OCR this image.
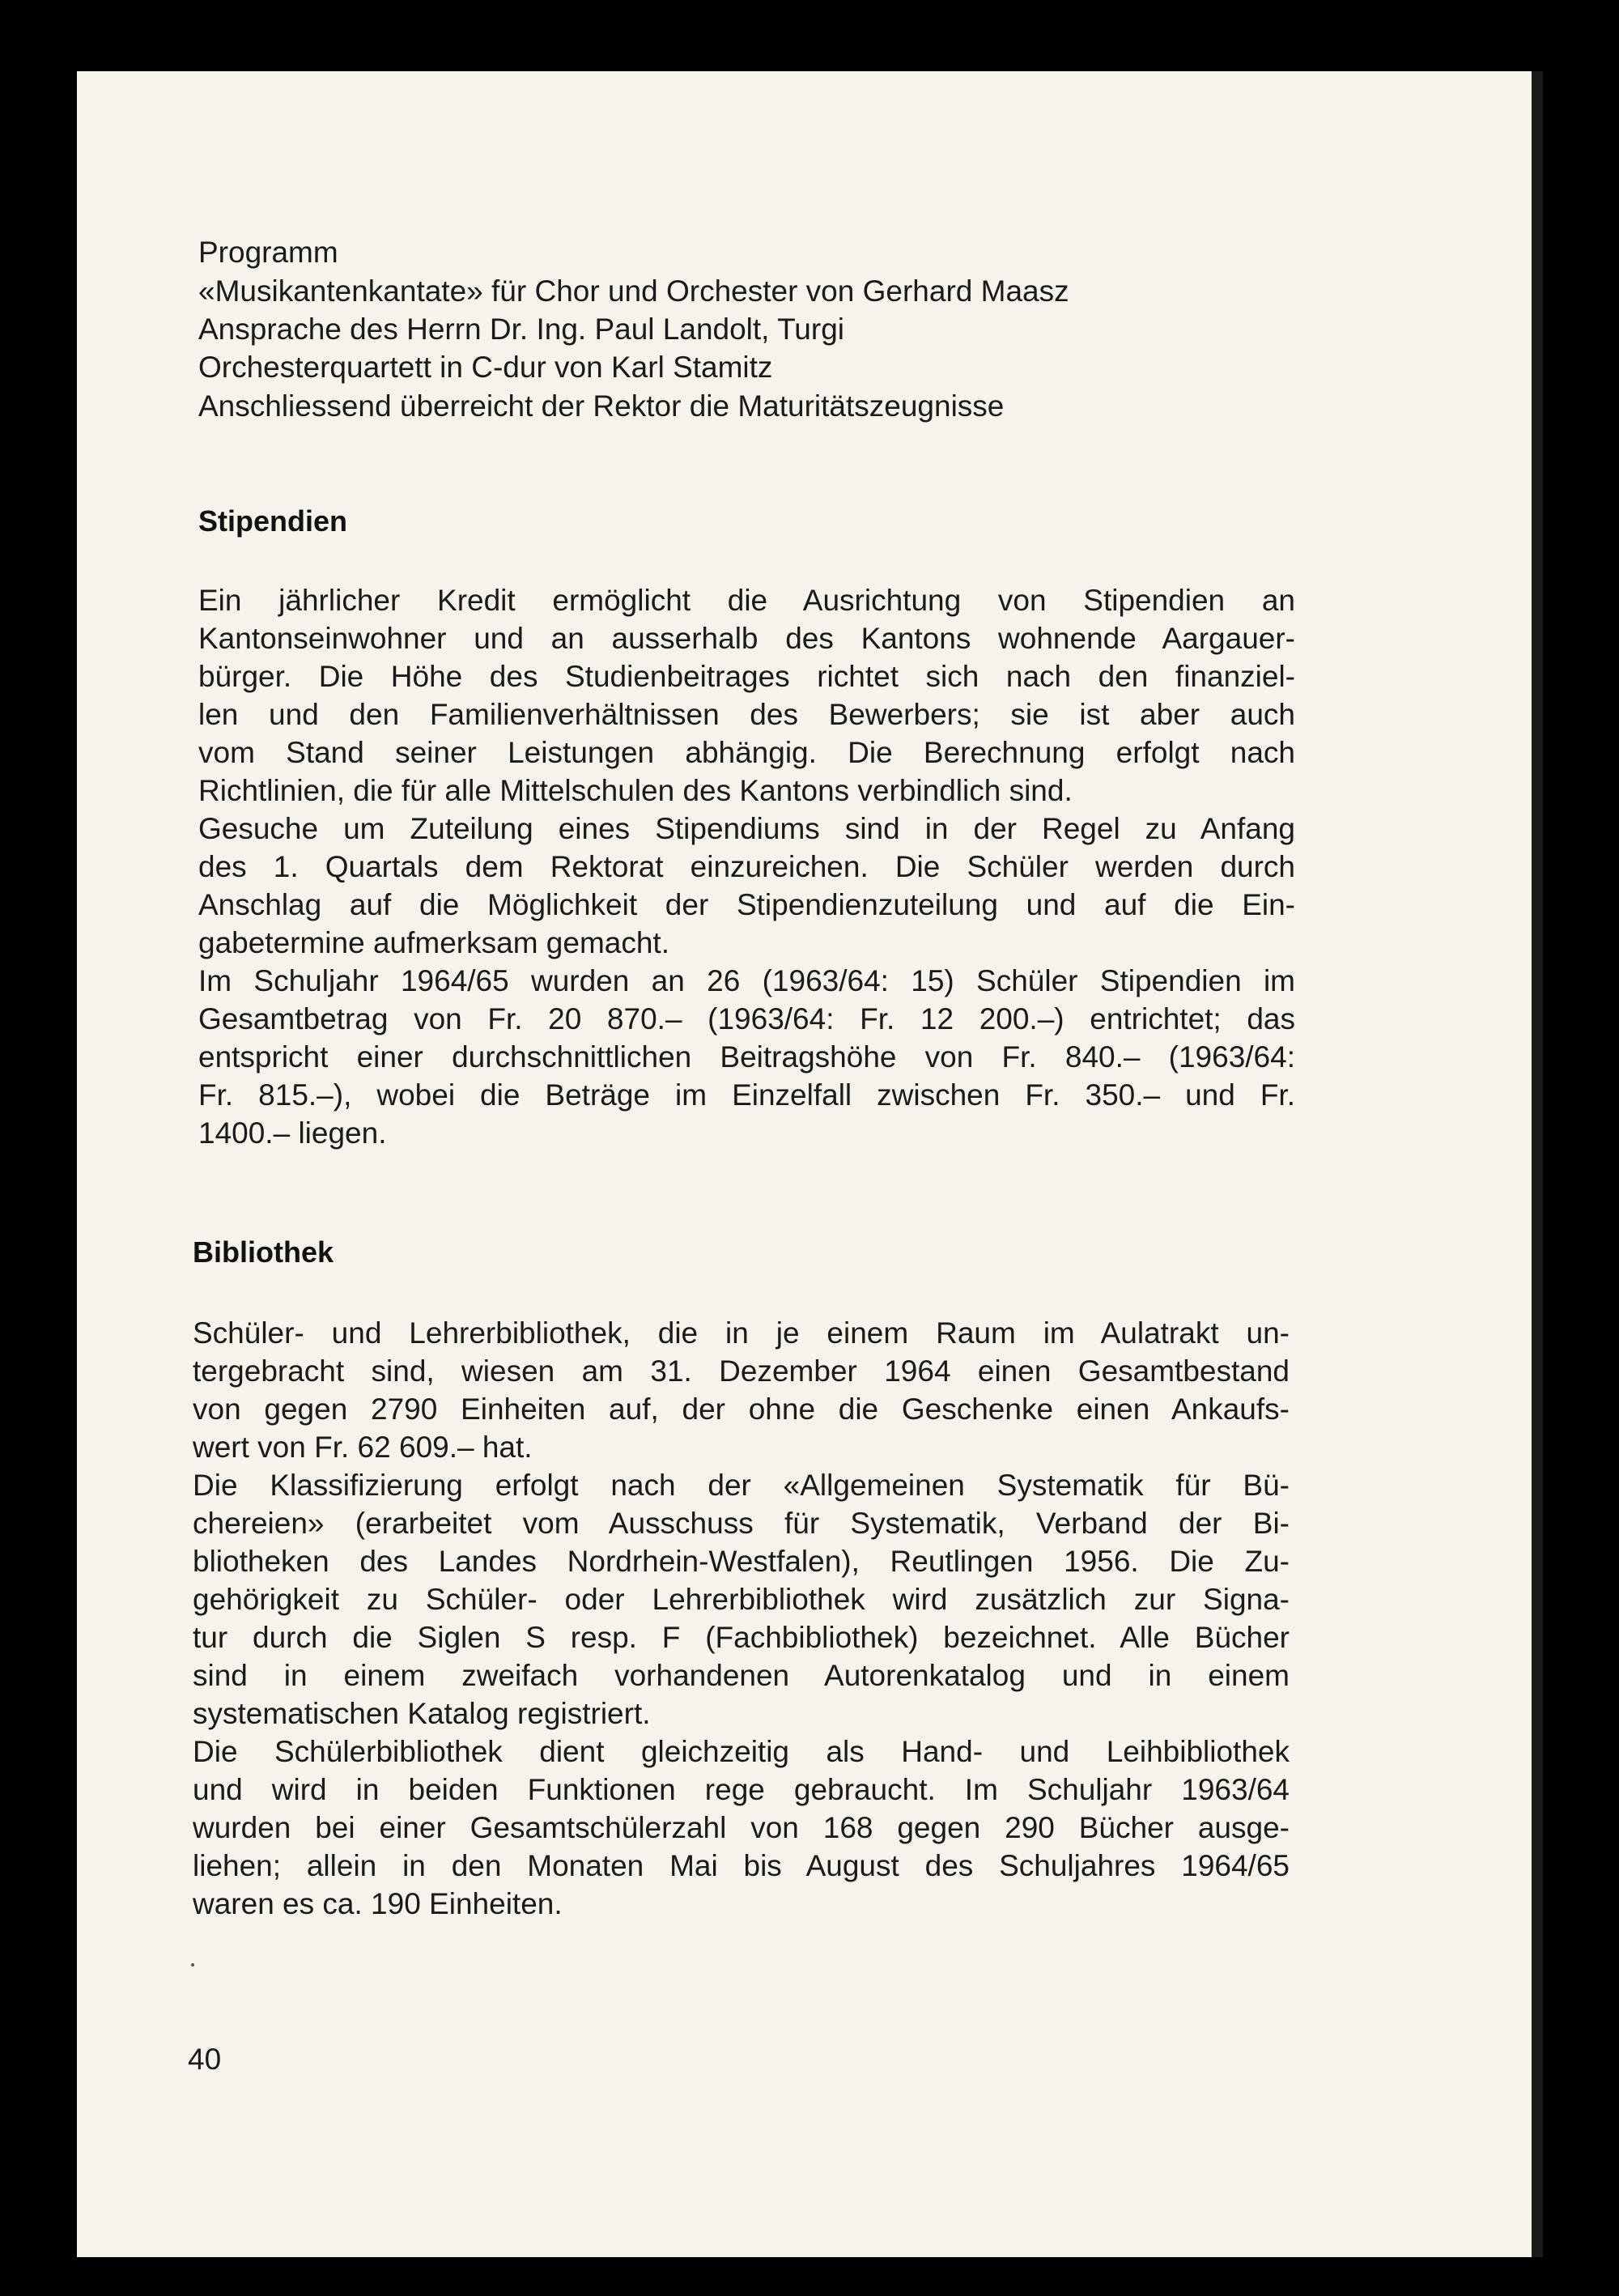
Programm
«Musikantenkantate» für Chor und Orchester von Gerhard Maasz
Ansprache des Herrn Dr. Ing. Paul Landolt, Turgi
Orchesterquartett in C-dur von Karl Stamitz
Anschliessend überreicht der Rektor die Maturitätszeugnisse
Stipendien
Ein jährlicher Kredit ermöglicht die Ausrichtung von Stipendien an
Kantonseinwohner und an ausserhalb des Kantons wohnende Aargauer-
bürger. Die Höhe des Studienbeitrages richtet sich nach den finanziel-
len und den Familienverhältnissen des Bewerbers; sie ist aber auch
vom Stand seiner Leistungen abhängig. Die Berechnung erfolgt nach
Richtlinien, die für alle Mittelschulen des Kantons verbindlich sind.
Gesuche um Zuteilung eines Stipendiums sind in der Regel zu Anfang
des 1. Quartals dem Rektorat einzureichen. Die Schüler werden durch
Anschlag auf die Möglichkeit der Stipendienzuteilung und auf die Ein-
gabetermine aufmerksam gemacht.
Im Schuljahr 1964/65 wurden an 26 (1963/64: 15) Schüler Stipendien im
Gesamtbetrag von Fr. 20 870.– (1963/64: Fr. 12 200.–) entrichtet; das
entspricht einer durchschnittlichen Beitragshöhe von Fr. 840.– (1963/64:
Fr. 815.–), wobei die Beträge im Einzelfall zwischen Fr. 350.– und Fr.
1400.– liegen.
Bibliothek
Schüler- und Lehrerbibliothek, die in je einem Raum im Aulatrakt un-
tergebracht sind, wiesen am 31. Dezember 1964 einen Gesamtbestand
von gegen 2790 Einheiten auf, der ohne die Geschenke einen Ankaufs-
wert von Fr. 62 609.– hat.
Die Klassifizierung erfolgt nach der «Allgemeinen Systematik für Bü-
chereien» (erarbeitet vom Ausschuss für Systematik, Verband der Bi-
bliotheken des Landes Nordrhein-Westfalen), Reutlingen 1956. Die Zu-
gehörigkeit zu Schüler- oder Lehrerbibliothek wird zusätzlich zur Signa-
tur durch die Siglen S resp. F (Fachbibliothek) bezeichnet. Alle Bücher
sind in einem zweifach vorhandenen Autorenkatalog und in einem
systematischen Katalog registriert.
Die Schülerbibliothek dient gleichzeitig als Hand- und Leihbibliothek
und wird in beiden Funktionen rege gebraucht. Im Schuljahr 1963/64
wurden bei einer Gesamtschülerzahl von 168 gegen 290 Bücher ausge-
liehen; allein in den Monaten Mai bis August des Schuljahres 1964/65
waren es ca. 190 Einheiten.
40
